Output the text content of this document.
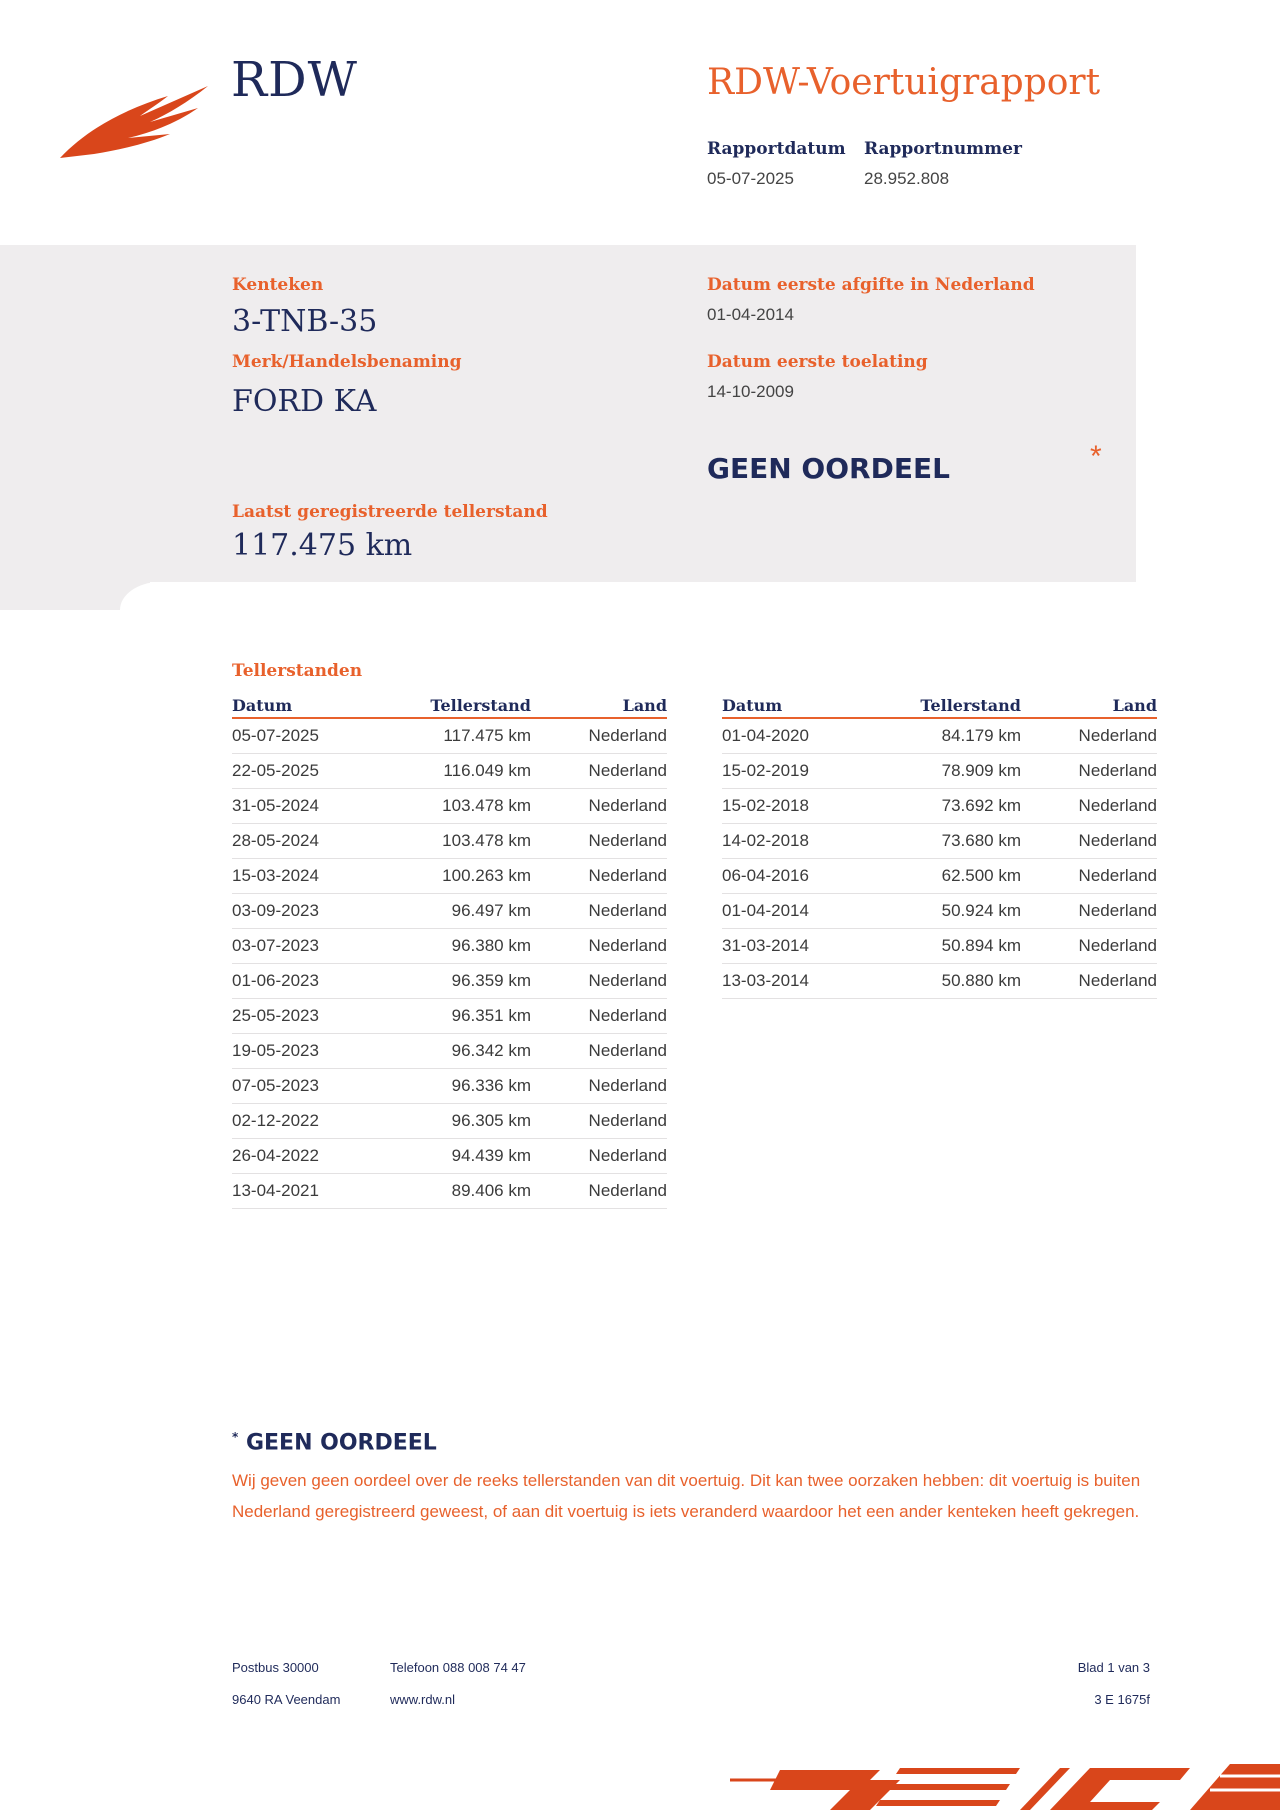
RDW	RDW-Voertuigrapport
Rapportdatum
05-07-2025
Rapportnummer
28.952.808
Kenteken
3-TNB-35
Merk/Handelsbenaming
FORD KA
Datum eerste afgifte in Nederland
01-04-2014
Datum eerste toelating
14-10-2009
GEEN OORDEEL	*
Laatst geregistreerde tellerstand
117.475 km
Tellerstanden
Datum	Tellerstand	Land
05-07-2025	117.475 km	Nederland
22-05-2025	116.049 km	Nederland
31-05-2024	103.478 km	Nederland
28-05-2024	103.478 km	Nederland
15-03-2024	100.263 km	Nederland
03-09-2023	96.497 km	Nederland
03-07-2023	96.380 km	Nederland
01-06-2023	96.359 km	Nederland
25-05-2023	96.351 km	Nederland
19-05-2023	96.342 km	Nederland
07-05-2023	96.336 km	Nederland
02-12-2022	96.305 km	Nederland
26-04-2022	94.439 km	Nederland
13-04-2021	89.406 km	Nederland
Datum	Tellerstand	Land
01-04-2020	84.179 km	Nederland
15-02-2019	78.909 km	Nederland
15-02-2018	73.692 km	Nederland
14-02-2018	73.680 km	Nederland
06-04-2016	62.500 km	Nederland
01-04-2014	50.924 km	Nederland
31-03-2014	50.894 km	Nederland
13-03-2014	50.880 km	Nederland
* GEEN OORDEEL
Wij geven geen oordeel over de reeks tellerstanden van dit voertuig. Dit kan twee oorzaken hebben: dit voertuig is buiten Nederland geregistreerd geweest, of aan dit voertuig is iets veranderd waardoor het een ander kenteken heeft gekregen.
Postbus 30000
9640 RA Veendam
Telefoon 088 008 74 47
www.rdw.nl
Blad 1 van 3
3 E 1675f
